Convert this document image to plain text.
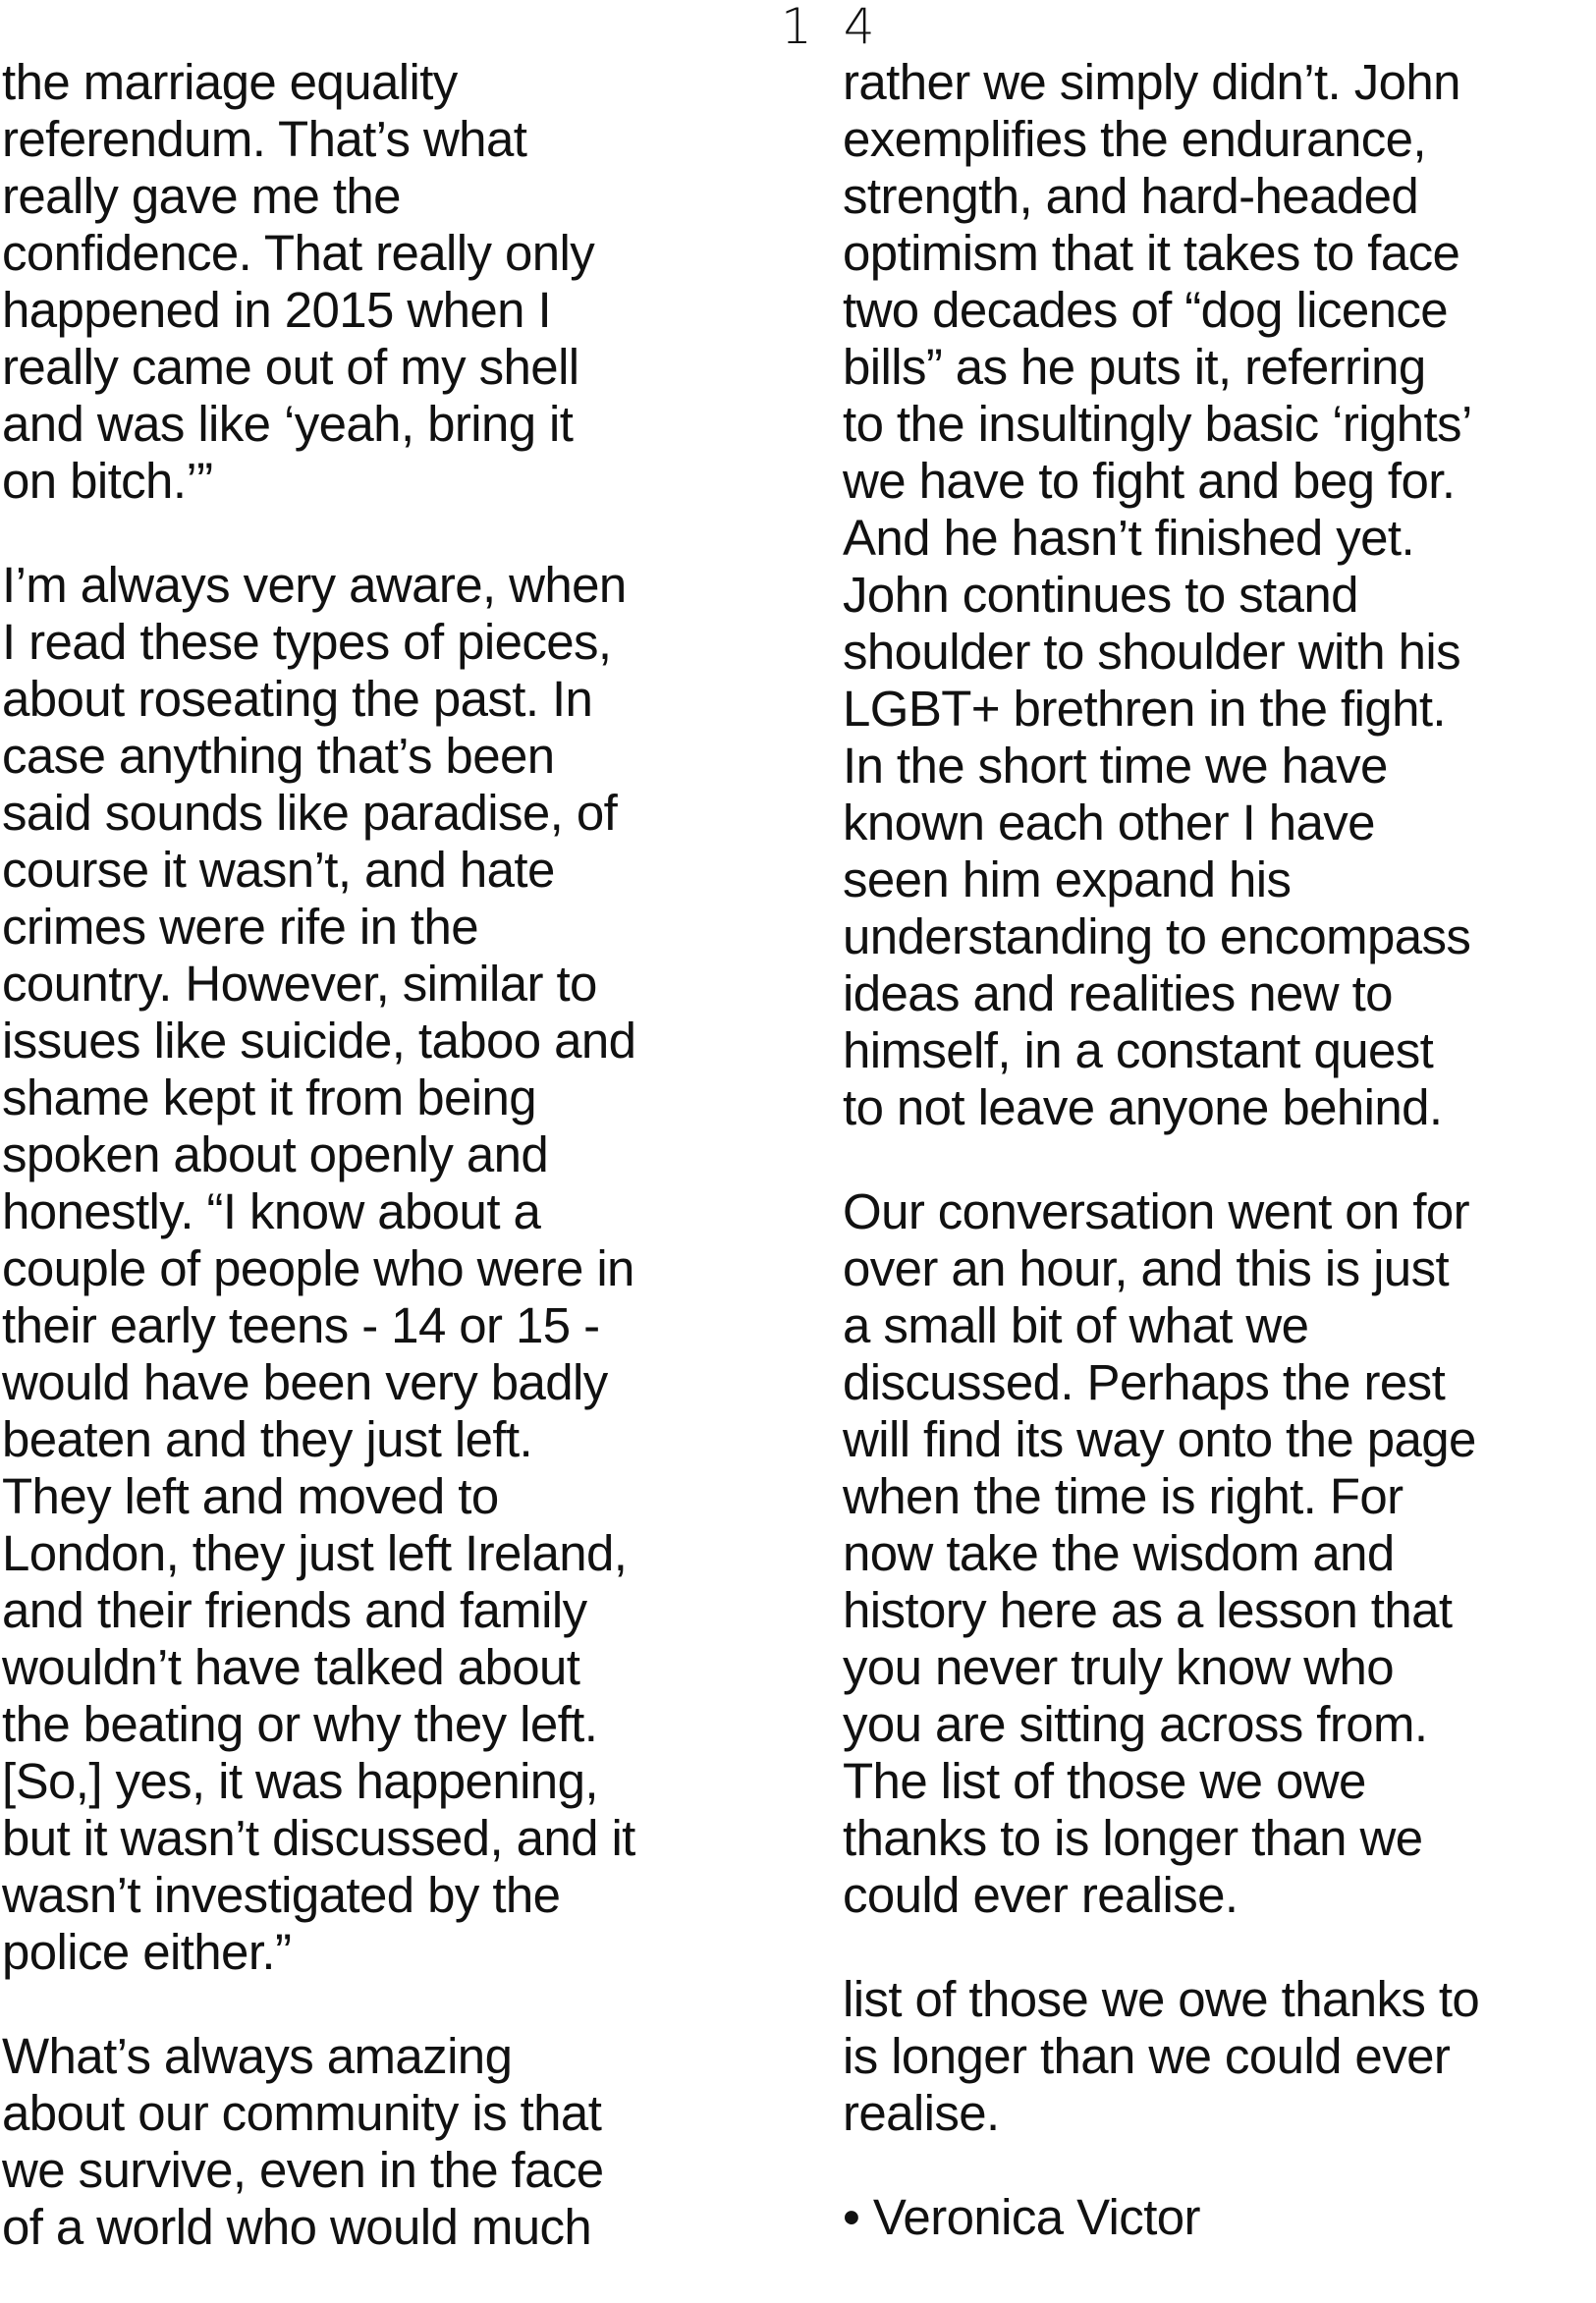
1 4
the marriage equality
referendum. That’s what
really gave me the
confidence. That really only
happened in 2015 when I
really came out of my shell
and was like ‘yeah, bring it
on bitch.’”
I’m always very aware, when
I read these types of pieces,
about roseating the past. In
case anything that’s been
said sounds like paradise, of
course it wasn’t, and hate
crimes were rife in the
country. However, similar to
issues like suicide, taboo and
shame kept it from being
spoken about openly and
honestly. “I know about a
couple of people who were in
their early teens - 14 or 15 -
would have been very badly
beaten and they just left.
They left and moved to
London, they just left Ireland,
and their friends and family
wouldn’t have talked about
the beating or why they left.
[So,] yes, it was happening,
but it wasn’t discussed, and it
wasn’t investigated by the
police either.”
What’s always amazing
about our community is that
we survive, even in the face
of a world who would much
rather we simply didn’t. John
exemplifies the endurance,
strength, and hard-headed
optimism that it takes to face
two decades of “dog licence
bills” as he puts it, referring
to the insultingly basic ‘rights’
we have to fight and beg for.
And he hasn’t finished yet.
John continues to stand
shoulder to shoulder with his
LGBT+ brethren in the fight.
In the short time we have
known each other I have
seen him expand his
understanding to encompass
ideas and realities new to
himself, in a constant quest
to not leave anyone behind.
Our conversation went on for
over an hour, and this is just
a small bit of what we
discussed. Perhaps the rest
will find its way onto the page
when the time is right. For
now take the wisdom and
history here as a lesson that
you never truly know who
you are sitting across from.
The list of those we owe
thanks to is longer than we
could ever realise.
list of those we owe thanks to
is longer than we could ever
realise.
• Veronica Victor
